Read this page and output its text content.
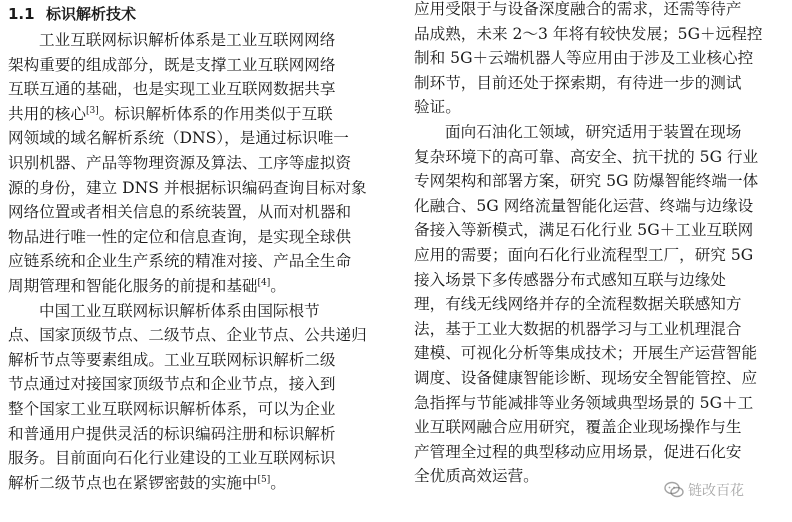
1.1 标识解析技术
工业互联网标识解析体系是工业互联网网络
架构重要的组成部分，既是支撑工业互联网网络
互联互通的基础，也是实现工业互联网数据共享
共用的核心[3]。标识解析体系的作用类似于互联
网领域的域名解析系统（DNS），是通过标识唯一
识别机器、产品等物理资源及算法、工序等虚拟资
源的身份，建立 DNS 并根据标识编码查询目标对象
网络位置或者相关信息的系统装置，从而对机器和
物品进行唯一性的定位和信息查询，是实现全球供
应链系统和企业生产系统的精准对接、产品全生命
周期管理和智能化服务的前提和基础[4]。
中国工业互联网标识解析体系由国际根节
点、国家顶级节点、二级节点、企业节点、公共递归
解析节点等要素组成。工业互联网标识解析二级
节点通过对接国家顶级节点和企业节点，接入到
整个国家工业互联网标识解析体系，可以为企业
和普通用户提供灵活的标识编码注册和标识解析
服务。目前面向石化行业建设的工业互联网标识
解析二级节点也在紧锣密鼓的实施中[5]。
应用受限于与设备深度融合的需求，还需等待产
品成熟，未来 2～3 年将有较快发展；5G＋远程控
制和 5G＋云端机器人等应用由于涉及工业核心控
制环节，目前还处于探索期，有待进一步的测试
验证。
面向石油化工领域，研究适用于装置在现场
复杂环境下的高可靠、高安全、抗干扰的 5G 行业
专网架构和部署方案，研究 5G 防爆智能终端一体
化融合、5G 网络流量智能化运营、终端与边缘设
备接入等新模式，满足石化行业 5G＋工业互联网
应用的需要；面向石化行业流程型工厂，研究 5G
接入场景下多传感器分布式感知互联与边缘处
理，有线无线网络并存的全流程数据关联感知方
法，基于工业大数据的机器学习与工业机理混合
建模、可视化分析等集成技术；开展生产运营智能
调度、设备健康智能诊断、现场安全智能管控、应
急指挥与节能减排等业务领域典型场景的 5G＋工
业互联网融合应用研究，覆盖企业现场操作与生
产管理全过程的典型移动应用场景，促进石化安
全优质高效运营。
链改百花
